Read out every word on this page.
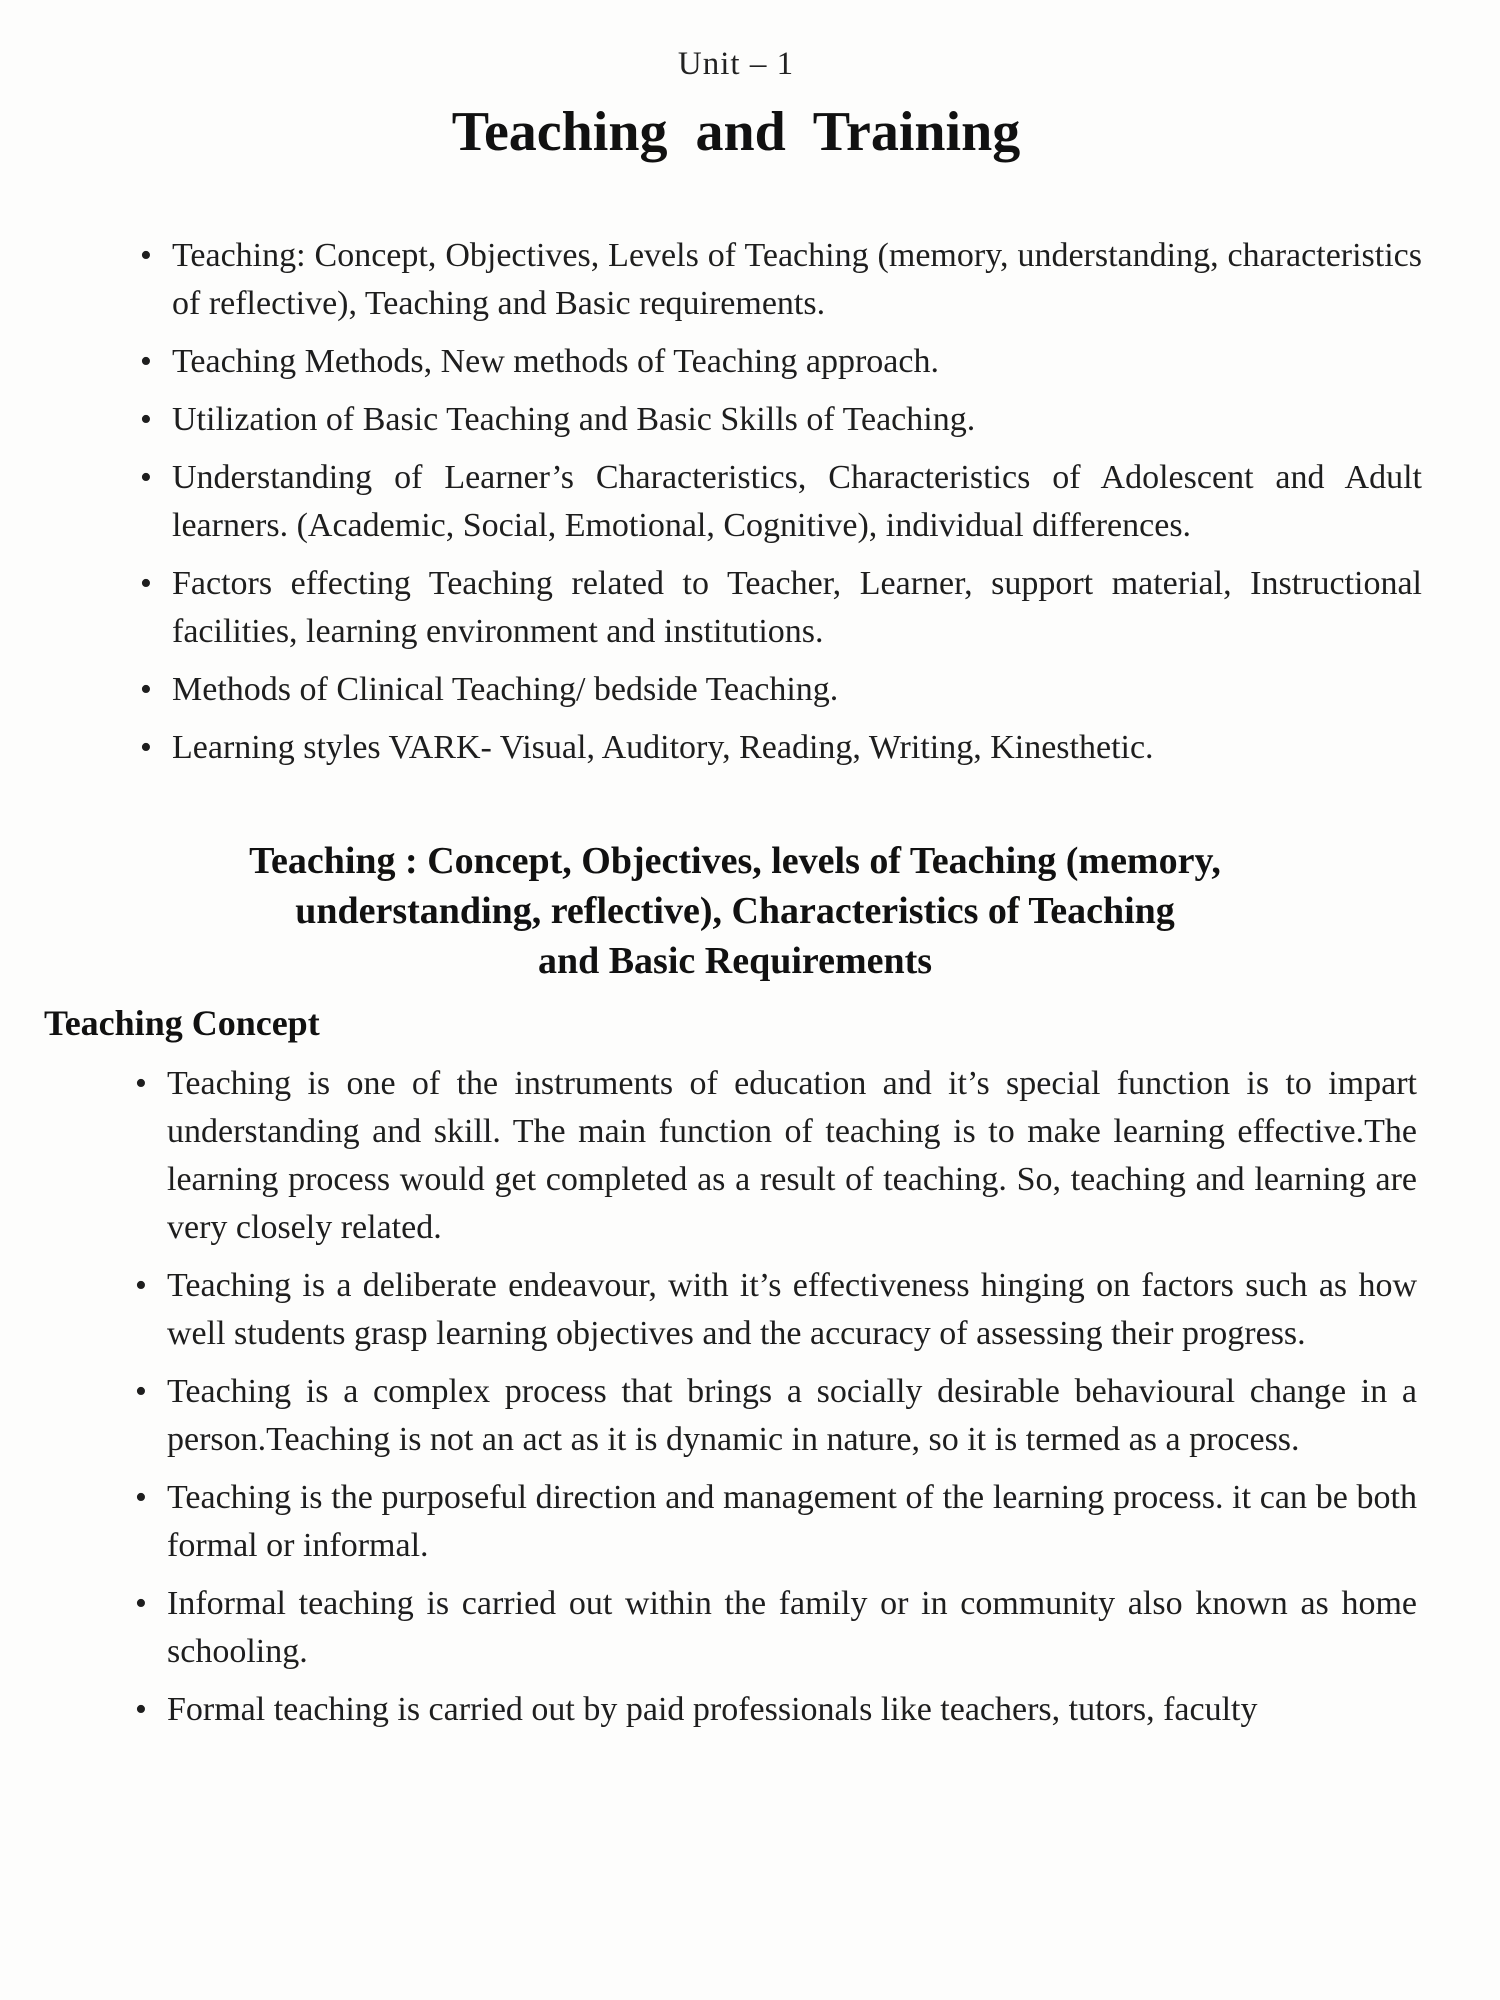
Unit – 1
Teaching and Training
• Teaching: Concept, Objectives, Levels of Teaching (memory, understanding, characteristics of reflective), Teaching and Basic requirements.
• Teaching Methods, New methods of Teaching approach.
• Utilization of Basic Teaching and Basic Skills of Teaching.
• Understanding of Learner’s Characteristics, Characteristics of Adolescent and Adult learners. (Academic, Social, Emotional, Cognitive), individual differences.
• Factors effecting Teaching related to Teacher, Learner, support material, Instructional facilities, learning environment and institutions.
• Methods of Clinical Teaching/ bedside Teaching.
• Learning styles VARK- Visual, Auditory, Reading, Writing, Kinesthetic.
Teaching : Concept, Objectives, levels of Teaching (memory,
understanding, reflective), Characteristics of Teaching
and Basic Requirements
Teaching Concept
• Teaching is one of the instruments of education and it’s special function is to impart understanding and skill. The main function of teaching is to make learning effective.The learning process would get completed as a result of teaching. So, teaching and learning are very closely related.
• Teaching is a deliberate endeavour, with it’s effectiveness hinging on factors such as how well students grasp learning objectives and the accuracy of assessing their progress.
• Teaching is a complex process that brings a socially desirable behavioural change in a person.Teaching is not an act as it is dynamic in nature, so it is termed as a process.
• Teaching is the purposeful direction and management of the learning process. it can be both formal or informal.
• Informal teaching is carried out within the family or in community also known as home schooling.
• Formal teaching is carried out by paid professionals like teachers, tutors, faculty
